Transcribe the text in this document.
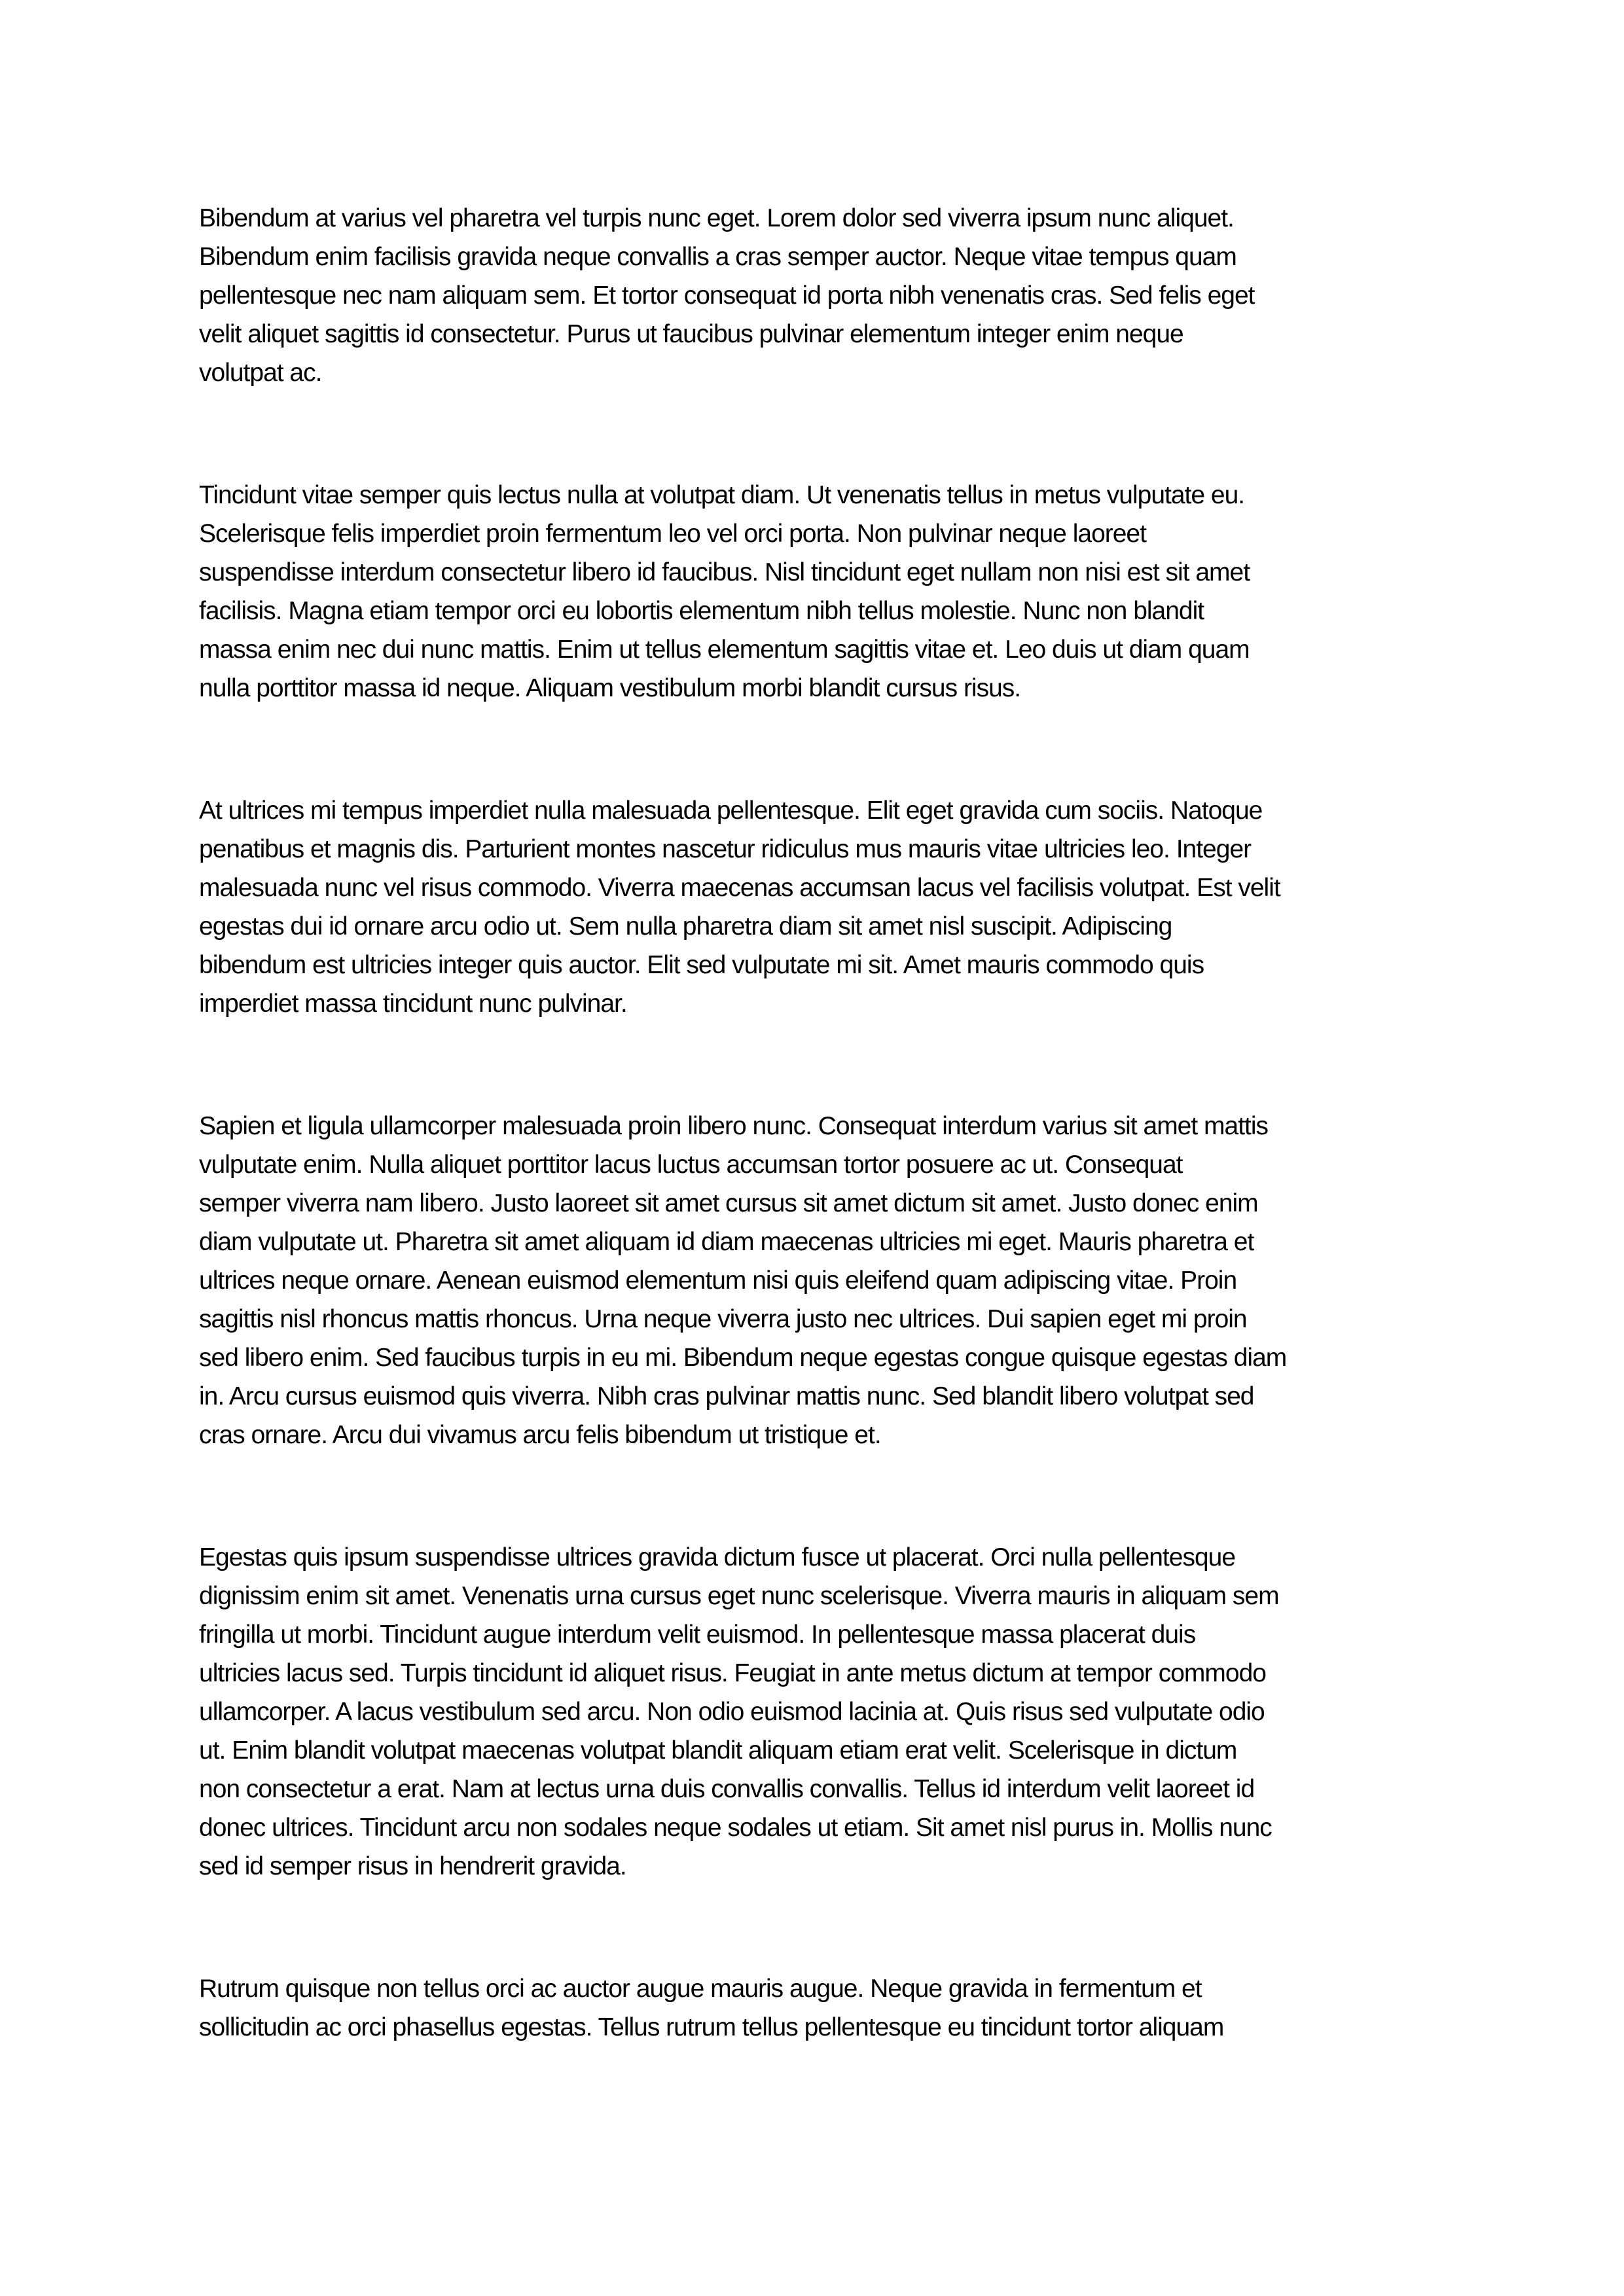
Bibendum at varius vel pharetra vel turpis nunc eget. Lorem dolor sed viverra ipsum nunc aliquet.
Bibendum enim facilisis gravida neque convallis a cras semper auctor. Neque vitae tempus quam
pellentesque nec nam aliquam sem. Et tortor consequat id porta nibh venenatis cras. Sed felis eget
velit aliquet sagittis id consectetur. Purus ut faucibus pulvinar elementum integer enim neque
volutpat ac.

Tincidunt vitae semper quis lectus nulla at volutpat diam. Ut venenatis tellus in metus vulputate eu.
Scelerisque felis imperdiet proin fermentum leo vel orci porta. Non pulvinar neque laoreet
suspendisse interdum consectetur libero id faucibus. Nisl tincidunt eget nullam non nisi est sit amet
facilisis. Magna etiam tempor orci eu lobortis elementum nibh tellus molestie. Nunc non blandit
massa enim nec dui nunc mattis. Enim ut tellus elementum sagittis vitae et. Leo duis ut diam quam
nulla porttitor massa id neque. Aliquam vestibulum morbi blandit cursus risus.

At ultrices mi tempus imperdiet nulla malesuada pellentesque. Elit eget gravida cum sociis. Natoque
penatibus et magnis dis. Parturient montes nascetur ridiculus mus mauris vitae ultricies leo. Integer
malesuada nunc vel risus commodo. Viverra maecenas accumsan lacus vel facilisis volutpat. Est velit
egestas dui id ornare arcu odio ut. Sem nulla pharetra diam sit amet nisl suscipit. Adipiscing
bibendum est ultricies integer quis auctor. Elit sed vulputate mi sit. Amet mauris commodo quis
imperdiet massa tincidunt nunc pulvinar.

Sapien et ligula ullamcorper malesuada proin libero nunc. Consequat interdum varius sit amet mattis
vulputate enim. Nulla aliquet porttitor lacus luctus accumsan tortor posuere ac ut. Consequat
semper viverra nam libero. Justo laoreet sit amet cursus sit amet dictum sit amet. Justo donec enim
diam vulputate ut. Pharetra sit amet aliquam id diam maecenas ultricies mi eget. Mauris pharetra et
ultrices neque ornare. Aenean euismod elementum nisi quis eleifend quam adipiscing vitae. Proin
sagittis nisl rhoncus mattis rhoncus. Urna neque viverra justo nec ultrices. Dui sapien eget mi proin
sed libero enim. Sed faucibus turpis in eu mi. Bibendum neque egestas congue quisque egestas diam
in. Arcu cursus euismod quis viverra. Nibh cras pulvinar mattis nunc. Sed blandit libero volutpat sed
cras ornare. Arcu dui vivamus arcu felis bibendum ut tristique et.

Egestas quis ipsum suspendisse ultrices gravida dictum fusce ut placerat. Orci nulla pellentesque
dignissim enim sit amet. Venenatis urna cursus eget nunc scelerisque. Viverra mauris in aliquam sem
fringilla ut morbi. Tincidunt augue interdum velit euismod. In pellentesque massa placerat duis
ultricies lacus sed. Turpis tincidunt id aliquet risus. Feugiat in ante metus dictum at tempor commodo
ullamcorper. A lacus vestibulum sed arcu. Non odio euismod lacinia at. Quis risus sed vulputate odio
ut. Enim blandit volutpat maecenas volutpat blandit aliquam etiam erat velit. Scelerisque in dictum
non consectetur a erat. Nam at lectus urna duis convallis convallis. Tellus id interdum velit laoreet id
donec ultrices. Tincidunt arcu non sodales neque sodales ut etiam. Sit amet nisl purus in. Mollis nunc
sed id semper risus in hendrerit gravida.

Rutrum quisque non tellus orci ac auctor augue mauris augue. Neque gravida in fermentum et
sollicitudin ac orci phasellus egestas. Tellus rutrum tellus pellentesque eu tincidunt tortor aliquam
